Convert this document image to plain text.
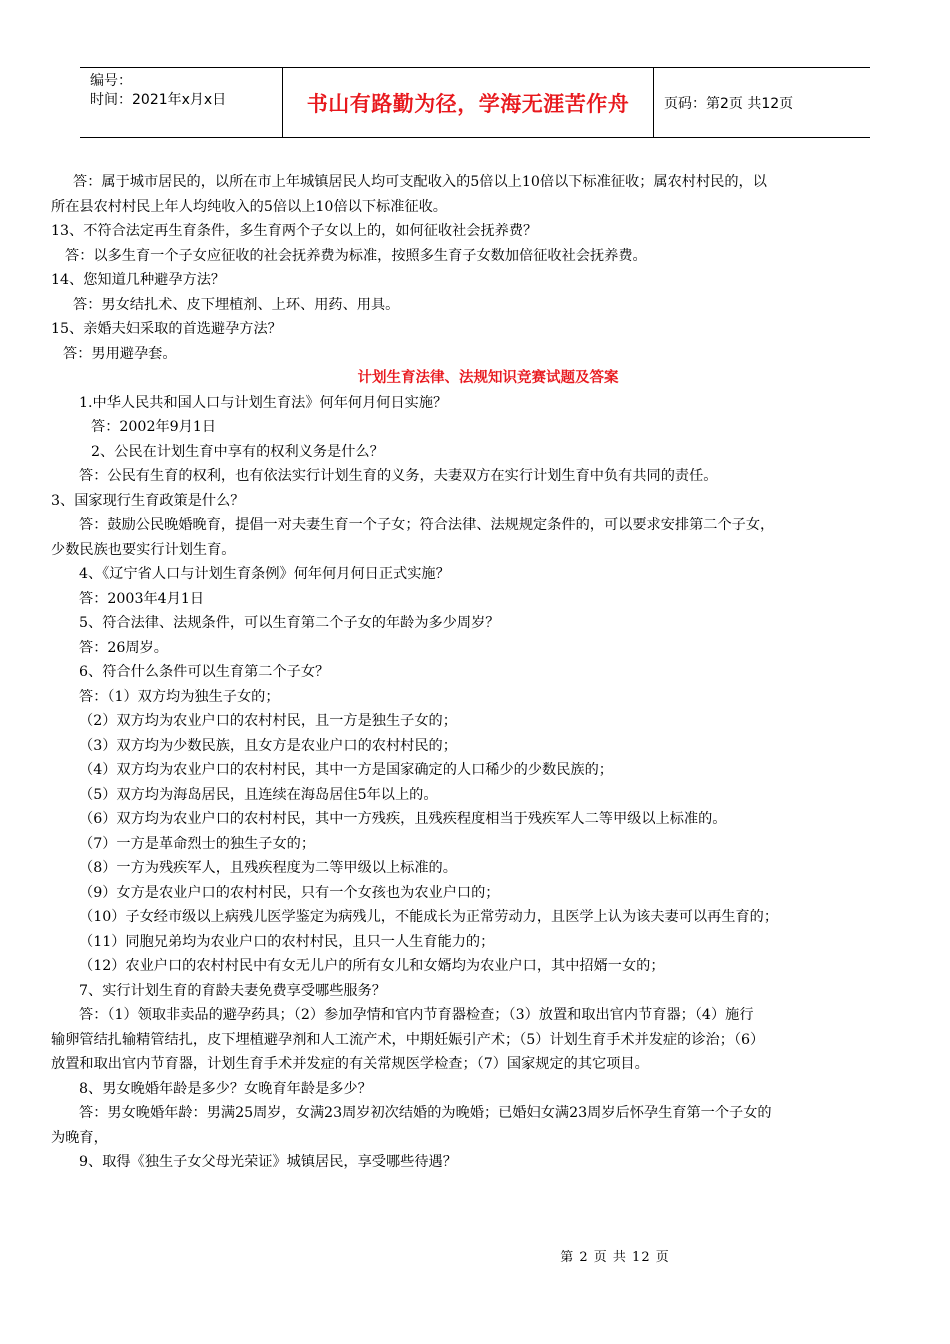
编号：
时间：2021年x月x日	书山有路勤为径，学海无涯苦作舟	页码：第2页 共12页
答：属于城市居民的，以所在市上年城镇居民人均可支配收入的5倍以上10倍以下标准征收；属农村村民的，以
所在县农村村民上年人均纯收入的5倍以上10倍以下标准征收。
13、不符合法定再生育条件，多生育两个子女以上的，如何征收社会抚养费？
答：以多生育一个子女应征收的社会抚养费为标准，按照多生育子女数加倍征收社会抚养费。
14、您知道几种避孕方法？
答：男女结扎术、皮下埋植剂、上环、用药、用具。
15、亲婚夫妇采取的首选避孕方法？
答：男用避孕套。
计划生育法律、法规知识竞赛试题及答案
1.中华人民共和国人口与计划生育法》何年何月何日实施？
答：2002年9月1日
2、公民在计划生育中享有的权利义务是什么？
答：公民有生育的权利，也有依法实行计划生育的义务，夫妻双方在实行计划生育中负有共同的责任。
3、国家现行生育政策是什么？
答：鼓励公民晚婚晚育，提倡一对夫妻生育一个子女；符合法律、法规规定条件的，可以要求安排第二个子女，
少数民族也要实行计划生育。
4、《辽宁省人口与计划生育条例》何年何月何日正式实施？
答：2003年4月1日
5、符合法律、法规条件，可以生育第二个子女的年龄为多少周岁？
答：26周岁。
6、符合什么条件可以生育第二个子女？
答：（1）双方均为独生子女的；
（2）双方均为农业户口的农村村民，且一方是独生子女的；
（3）双方均为少数民族，且女方是农业户口的农村村民的；
（4）双方均为农业户口的农村村民，其中一方是国家确定的人口稀少的少数民族的；
（5）双方均为海岛居民，且连续在海岛居住5年以上的。
（6）双方均为农业户口的农村村民，其中一方残疾，且残疾程度相当于残疾军人二等甲级以上标准的。
（7）一方是革命烈士的独生子女的；
（8）一方为残疾军人，且残疾程度为二等甲级以上标准的。
（9）女方是农业户口的农村村民，只有一个女孩也为农业户口的；
（10）子女经市级以上病残儿医学鉴定为病残儿，不能成长为正常劳动力，且医学上认为该夫妻可以再生育的；
（11）同胞兄弟均为农业户口的农村村民，且只一人生育能力的；
（12）农业户口的农村村民中有女无儿户的所有女儿和女婿均为农业户口，其中招婿一女的；
7、实行计划生育的育龄夫妻免费享受哪些服务？
答：（1）领取非卖品的避孕药具；（2）参加孕情和官内节育器检查；（3）放置和取出官内节育器；（4）施行
输卵管结扎输精管结扎，皮下埋植避孕剂和人工流产术，中期妊娠引产术；（5）计划生育手术并发症的诊治；（6）
放置和取出官内节育器，计划生育手术并发症的有关常规医学检查；（7）国家规定的其它项目。
8、男女晚婚年龄是多少？女晚育年龄是多少？
答：男女晚婚年龄：男满25周岁，女满23周岁初次结婚的为晚婚；已婚妇女满23周岁后怀孕生育第一个子女的
为晚育，
9、取得《独生子女父母光荣证》城镇居民，享受哪些待遇？
第 2 页 共 12 页
